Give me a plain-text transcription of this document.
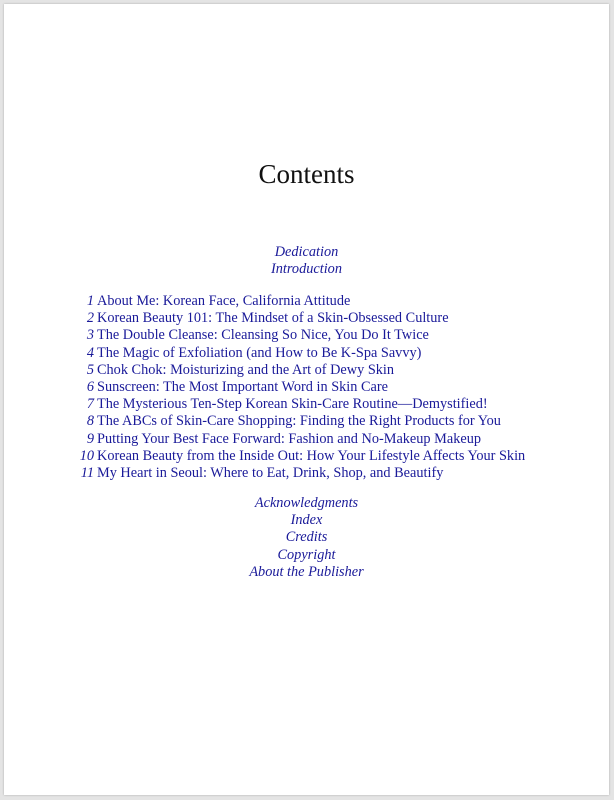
Contents
Dedication
Introduction
1 About Me: Korean Face, California Attitude
2 Korean Beauty 101: The Mindset of a Skin-Obsessed Culture
3 The Double Cleanse: Cleansing So Nice, You Do It Twice
4 The Magic of Exfoliation (and How to Be K-Spa Savvy)
5 Chok Chok: Moisturizing and the Art of Dewy Skin
6 Sunscreen: The Most Important Word in Skin Care
7 The Mysterious Ten-Step Korean Skin-Care Routine—Demystified!
8 The ABCs of Skin-Care Shopping: Finding the Right Products for You
9 Putting Your Best Face Forward: Fashion and No-Makeup Makeup
10 Korean Beauty from the Inside Out: How Your Lifestyle Affects Your Skin
11 My Heart in Seoul: Where to Eat, Drink, Shop, and Beautify
Acknowledgments
Index
Credits
Copyright
About the Publisher
